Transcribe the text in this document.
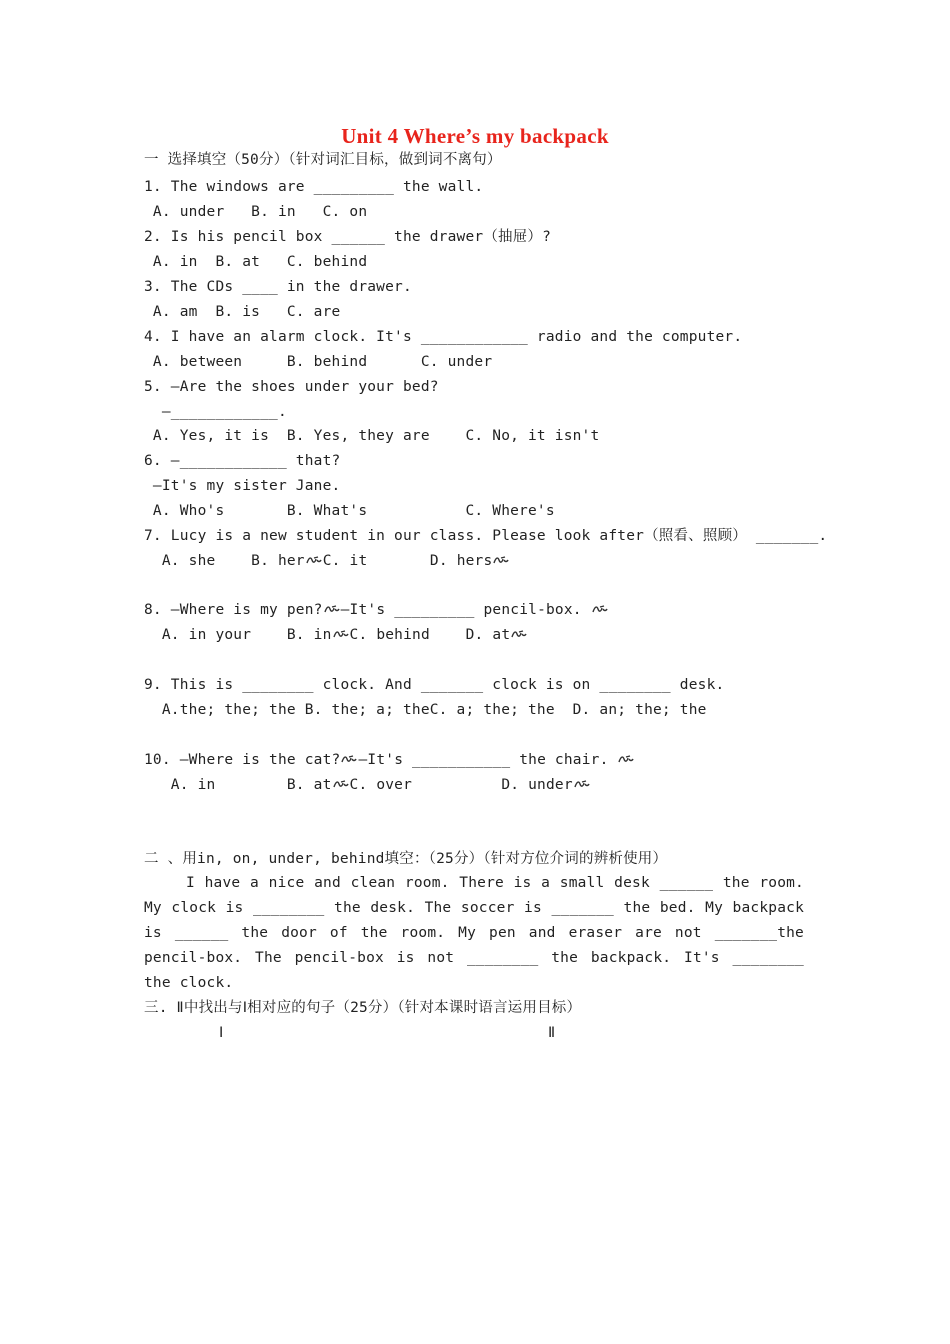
Unit 4 Where’s my backpack
一 选择填空（50分）（针对词汇目标，做到词不离句）
1. The windows are _________ the wall.
A. under   B. in   C. on
2. Is his pencil box ______ the drawer（抽屉）?
A. in  B. at   C. behind
3. The CDs ____ in the drawer.
A. am  B. is   C. are
4. I have an alarm clock. It's ____________ radio and the computer.
A. between     B. behind      C. under
5. —Are the shoes under your bed?
—____________.
A. Yes, it is  B. Yes, they are    C. No, it isn't
6. —____________ that?
—It's my sister Jane.
A. Who's       B. What's           C. Where's
7. Lucy is a new student in our class. Please look after（照看、照顾） _______.
A. she    B. her C. it       D. hers
8. —Where is my pen? —It's _________ pencil-box.
A. in your    B. in C. behind    D. at
9. This is ________ clock. And _______ clock is on ________ desk.
A.the; the; the B. the; a; theC. a; the; the  D. an; the; the
10. —Where is the cat? —It's ___________ the chair.
A. in        B. at C. over          D. under
二 、用in, on, under, behind填空：（25分）（针对方位介词的辨析使用）
I have a nice and clean room. There is a small desk ______ the room. My clock is ________ the desk. The soccer is _______ the bed. My backpack is ______ the door of the room. My pen and eraser are not _______the pencil-box. The pencil-box is not ________ the backpack. It's ________ the clock.
三. Ⅱ中找出与Ⅰ相对应的句子（25分）（针对本课时语言运用目标）
Ⅰ	Ⅱ
